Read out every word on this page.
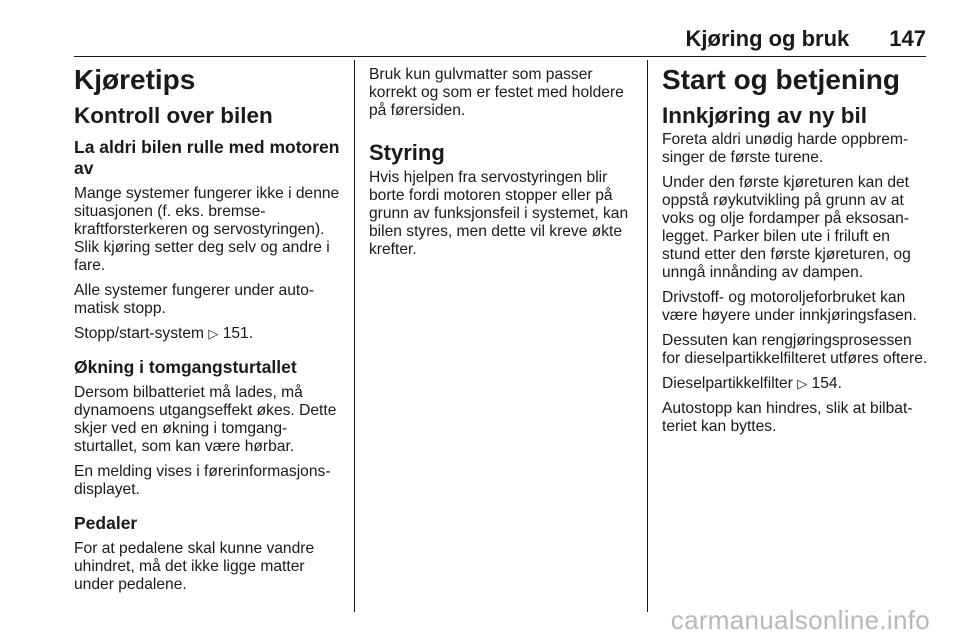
Kjøring og bruk 147
Kjøretips
Kontroll over bilen
La aldri bilen rulle med motoren av

Mange systemer fungerer ikke i denne situasjonen (f. eks. bremse-kraftforsterkeren og servostyringen). Slik kjøring setter deg selv og andre i fare.

Alle systemer fungerer under auto-matisk stopp.

Stopp/start-system ▷ 151.

Økning i tomgangsturtallet

Dersom bilbatteriet må lades, må dynamoens utgangseffekt økes. Dette skjer ved en økning i tomgang-sturtallet, som kan være hørbar.

En melding vises i førerinformasjons-displayet.

Pedaler

For at pedalene skal kunne vandre uhindret, må det ikke ligge matter under pedalene.

Bruk kun gulvmatter som passer korrekt og som er festet med holdere på førersiden.

Styring

Hvis hjelpen fra servostyringen blir borte fordi motoren stopper eller på grunn av funksjonsfeil i systemet, kan bilen styres, men dette vil kreve økte krefter.

Start og betjening
Innkjøring av ny bil

Foreta aldri unødig harde oppbrem-singer de første turene.

Under den første kjøreturen kan det oppstå røykutvikling på grunn av at voks og olje fordamper på eksosan-legget. Parker bilen ute i friluft en stund etter den første kjøreturen, og unngå innånding av dampen.

Drivstoff- og motoroljeforbruket kan være høyere under innkjøringsfasen.

Dessuten kan rengjøringsprosessen for dieselpartikkelfilteret utføres oftere.

Dieselpartikkelfilter ▷ 154.

Autostopp kan hindres, slik at bilbat-teriet kan byttes.

carmanualsonline.info
